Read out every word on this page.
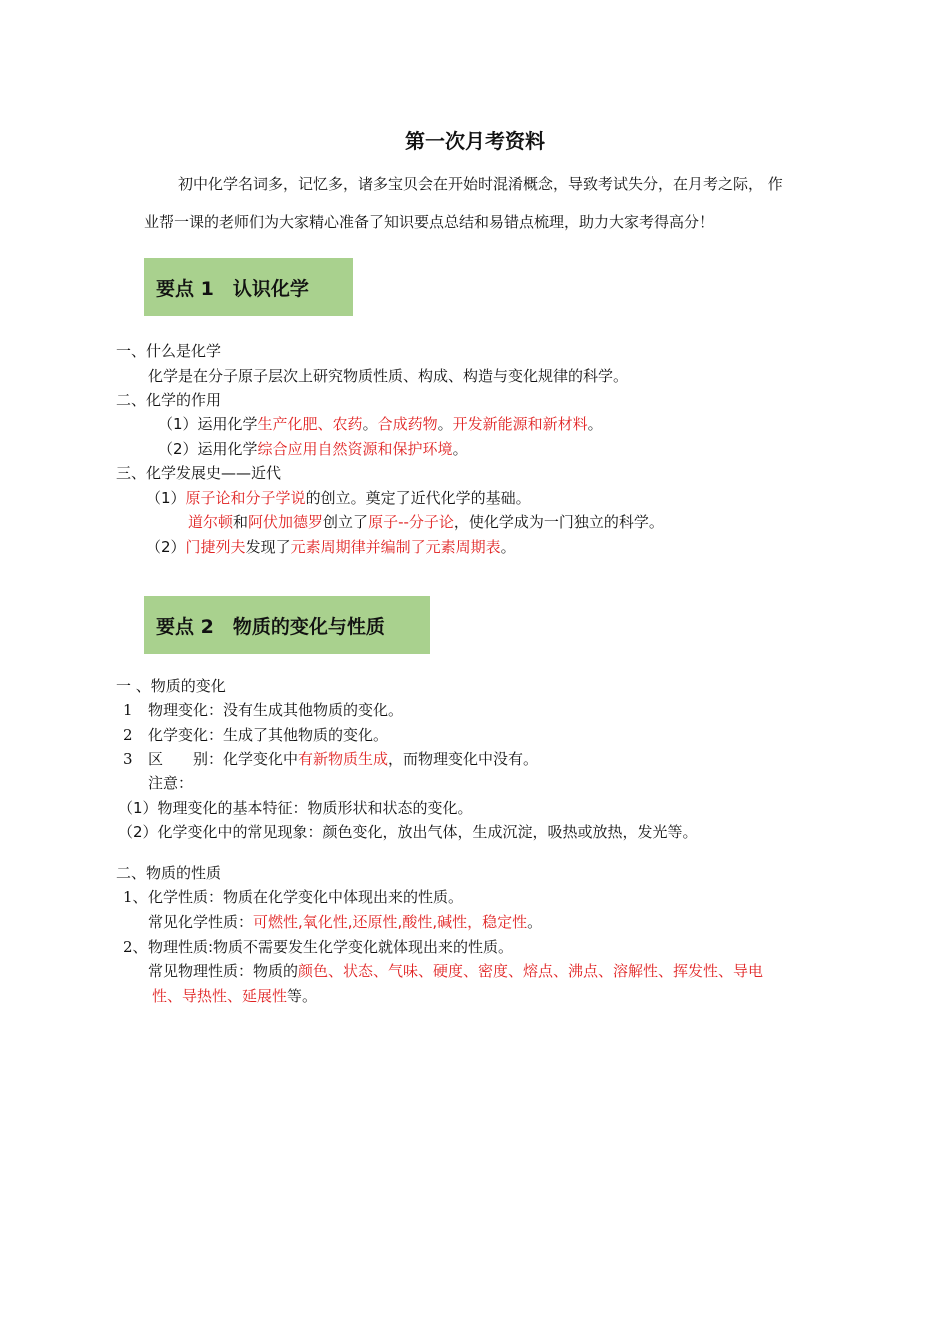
第一次月考资料
初中化学名词多，记忆多，诸多宝贝会在开始时混淆概念，导致考试失分，在月考之际， 作
业帮一课的老师们为大家精心准备了知识要点总结和易错点梳理，助力大家考得高分！
要点 1　认识化学
一、什么是化学
化学是在分子原子层次上研究物质性质、构成、构造与变化规律的科学。
二、化学的作用
（1）运用化学生产化肥、农药。合成药物。开发新能源和新材料。
（2）运用化学综合应用自然资源和保护环境。
三、化学发展史——近代
（1）原子论和分子学说的创立。奠定了近代化学的基础。
道尔顿和阿伏加德罗创立了原子--分子论，使化学成为一门独立的科学。
（2）门捷列夫发现了元素周期律并编制了元素周期表。
要点 2　物质的变化与性质
一 、物质的变化
1 物理变化：没有生成其他物质的变化。
2 化学变化：生成了其他物质的变化。
3 区　　别：化学变化中有新物质生成，而物理变化中没有。
注意：
（1）物理变化的基本特征：物质形状和状态的变化。
（2）化学变化中的常见现象：颜色变化，放出气体，生成沉淀，吸热或放热，发光等。
二、物质的性质
1、 化学性质：物质在化学变化中体现出来的性质。
常见化学性质：可燃性,氧化性,还原性,酸性,碱性，稳定性。
2、 物理性质:物质不需要发生化学变化就体现出来的性质。
常见物理性质：物质的颜色、状态、气味、硬度、密度、熔点、沸点、溶解性、挥发性、导电
性、导热性、延展性等。
